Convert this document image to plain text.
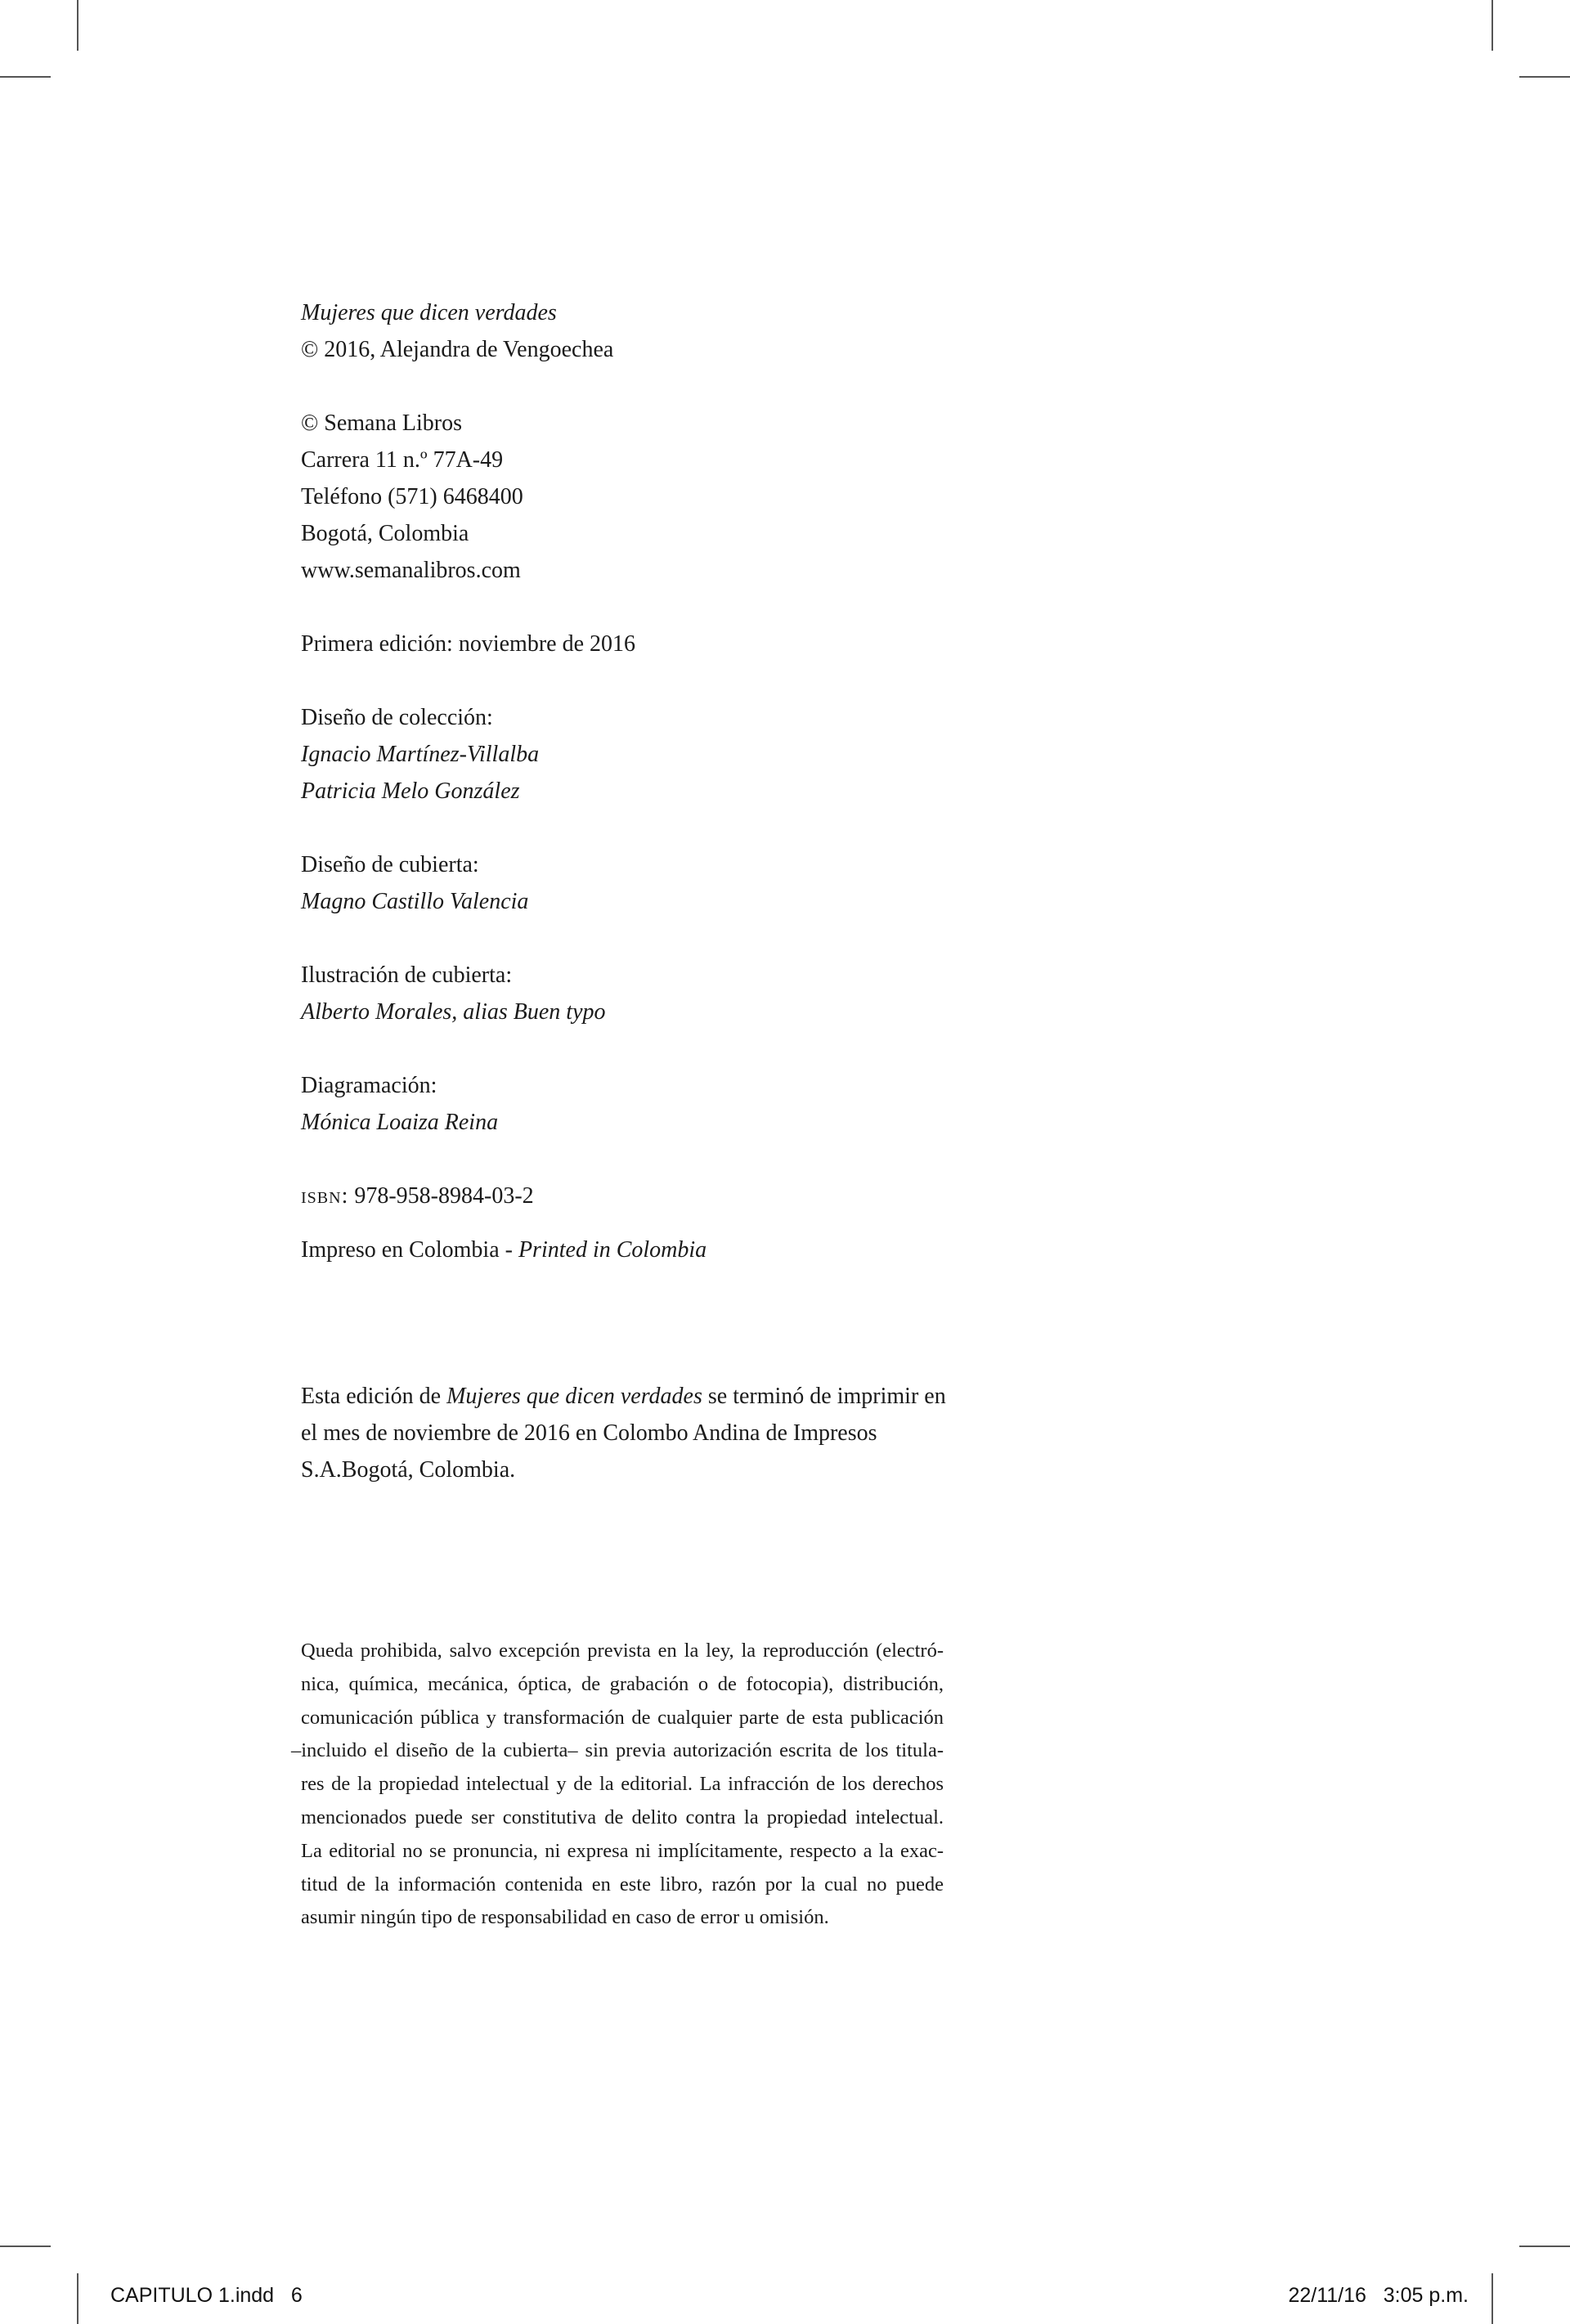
Mujeres que dicen verdades
© 2016, Alejandra de Vengoechea
© Semana Libros
Carrera 11 n.º 77A-49
Teléfono (571) 6468400
Bogotá, Colombia
www.semanalibros.com
Primera edición: noviembre de 2016
Diseño de colección:
Ignacio Martínez-Villalba
Patricia Melo González
Diseño de cubierta:
Magno Castillo Valencia
Ilustración de cubierta:
Alberto Morales, alias Buen typo
Diagramación:
Mónica Loaiza Reina
isbn: 978-958-8984-03-2
Impreso en Colombia - Printed in Colombia
Esta edición de Mujeres que dicen verdades se terminó de imprimir en el mes de noviembre de 2016 en Colombo Andina de Impresos S.A.Bogotá, Colombia.
Queda prohibida, salvo excepción prevista en la ley, la reproducción (electró-
nica, química, mecánica, óptica, de grabación o de fotocopia), distribución,
comunicación pública y transformación de cualquier parte de esta publicación
–incluido el diseño de la cubierta– sin previa autorización escrita de los titula-
res de la propiedad intelectual y de la editorial. La infracción de los derechos
mencionados puede ser constitutiva de delito contra la propiedad intelectual.
La editorial no se pronuncia, ni expresa ni implícitamente, respecto a la exac-
titud de la información contenida en este libro, razón por la cual no puede
asumir ningún tipo de responsabilidad en caso de error u omisión.
CAPITULO 1.indd   6	22/11/16   3:05 p.m.
